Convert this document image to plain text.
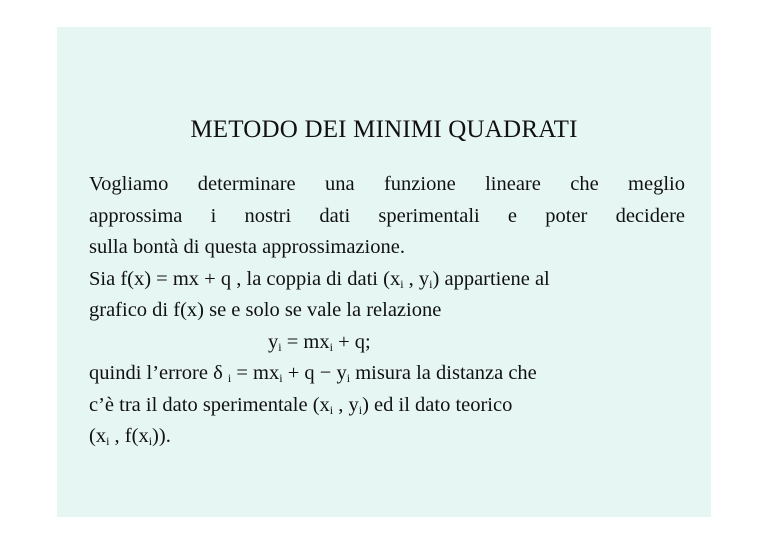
METODO DEI MINIMI QUADRATI
Vogliamo determinare una funzione lineare che meglio
approssima i nostri dati sperimentali e poter decidere
sulla bontà di questa approssimazione.
Sia f(x) = mx + q , la coppia di dati ($x_i$ , $y_i$) appartiene al
grafico di f(x) se e solo se vale la relazione
$y_i = mx_i + q$;
quindi l’errore δ $_i = mx_i + q - y_i$ misura la distanza che
c’è tra il dato sperimentale ($x_i$ , $y_i$) ed il dato teorico
($x_i$ , $f(x_i)$).
